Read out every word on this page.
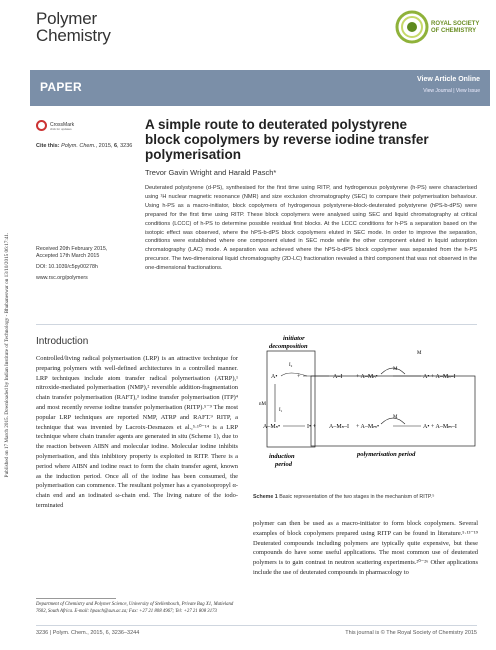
Polymer
Chemistry
ROYAL SOCIETY
OF CHEMISTRY
PAPER
View Article Online
View Journal | View Issue
Published on 17 March 2015. Downloaded by Indian Institute of Technology - Bhubaneswar on 13/10/2015 06:17:41.
CrossMark
click for updates
Cite this: Polym. Chem., 2015, 6, 3236
A simple route to deuterated polystyrene block copolymers by reverse iodine transfer polymerisation
Trevor Gavin Wright and Harald Pasch*
Deuterated polystyrene (d-PS), synthesised for the first time using RITP, and hydrogenous polystyrene (h-PS) were characterised using ¹H nuclear magnetic resonance (NMR) and size exclusion chromatography (SEC) to compare their polymerisation behaviour. Using h-PS as a macro-initiator, block copolymers of hydrogenous polystyrene-block-deuterated polystyrene (hPS-b-dPS) were prepared for the first time using RITP. These block copolymers were analysed using SEC and liquid chromatography at critical conditions (LCCC) of h-PS to determine possible residual first blocks. At the LCCC conditions for h-PS a separation based on the isotopic effect was observed, where the hPS-b-dPS block copolymers eluted in SEC mode. In order to improve the separation, conditions were established where one component eluted in SEC mode while the other component eluted in liquid adsorption chromatography (LAC) mode. A separation was achieved where the hPS-b-dPS block copolymer was separated from the h-PS precursor. The two-dimensional liquid chromatography (2D-LC) fractionation revealed a third component that was not observed in the one-dimensional fractionations.
Received 20th February 2015,
Accepted 17th March 2015
DOI: 10.1039/c5py00278h
www.rsc.org/polymers
Introduction
Controlled/living radical polymerisation (LRP) is an attractive technique for preparing polymers with well-defined architectures in a controlled manner. LRP techniques include atom transfer radical polymerisation (ATRP),¹ nitroxide-mediated polymerisation (NMP),² reversible addition-fragmentation chain transfer polymerisation (RAFT),³ iodine transfer polymerisation (ITP)⁴ and most recently reverse iodine transfer polymerisation (RITP).⁵⁻⁹ The most popular LRP techniques are reported NMP, ATRP and RAFT.⁹ RITP, a technique that was invented by Lacroix-Desmazes et al.,⁵·¹⁰⁻¹⁴ is a LRP technique where chain transfer agents are generated in situ (Scheme 1), due to the reaction between AIBN and molecular iodine. Molecular iodine inhibits polymerisation, and this inhibitory property is exploited in RITP. There is a period where AIBN and iodine react to form the chain transfer agent, known as the induction period. Once all of the iodine has been consumed, the polymerisation can commence. The resultant polymer has a cyanoisopropyl α-chain end and an iodinated ω-chain end. The living nature of the iodo-terminated
polymer can then be used as a macro-initiator to form block copolymers. Several examples of block copolymers prepared using RITP can be found in literature.⁵·¹³⁻¹⁹ Deuterated compounds including polymers are typically quite expensive, but these compounds do have some useful applications. The most common use of deuterated polymers is to gain contrast in neutron scattering experiments.²⁰⁻²⁶ Other applications include the use of deuterated compounds in pharmacology to
initiator
decomposition
A•	+
I₂
A–I + A–Mₙ•
M
A• + A–Mₙ–I
M
nM
I₁
A–Mₙ•	I• + A–Mₙ–I + A–Mₘ•
M
A• + A–Mₘ–I
induction
period
polymerisation period
Scheme 1 Basic representation of the two stages in the mechanism of RITP.⁵
Department of Chemistry and Polymer Science, University of Stellenbosch, Private Bag X1, Matieland 7602, South Africa. E-mail: hpasch@sun.ac.za; Fax: +27 21 808 4967; Tel: +27 21 808 3173
3236 | Polym. Chem., 2015, 6, 3236–3244	This journal is © The Royal Society of Chemistry 2015
